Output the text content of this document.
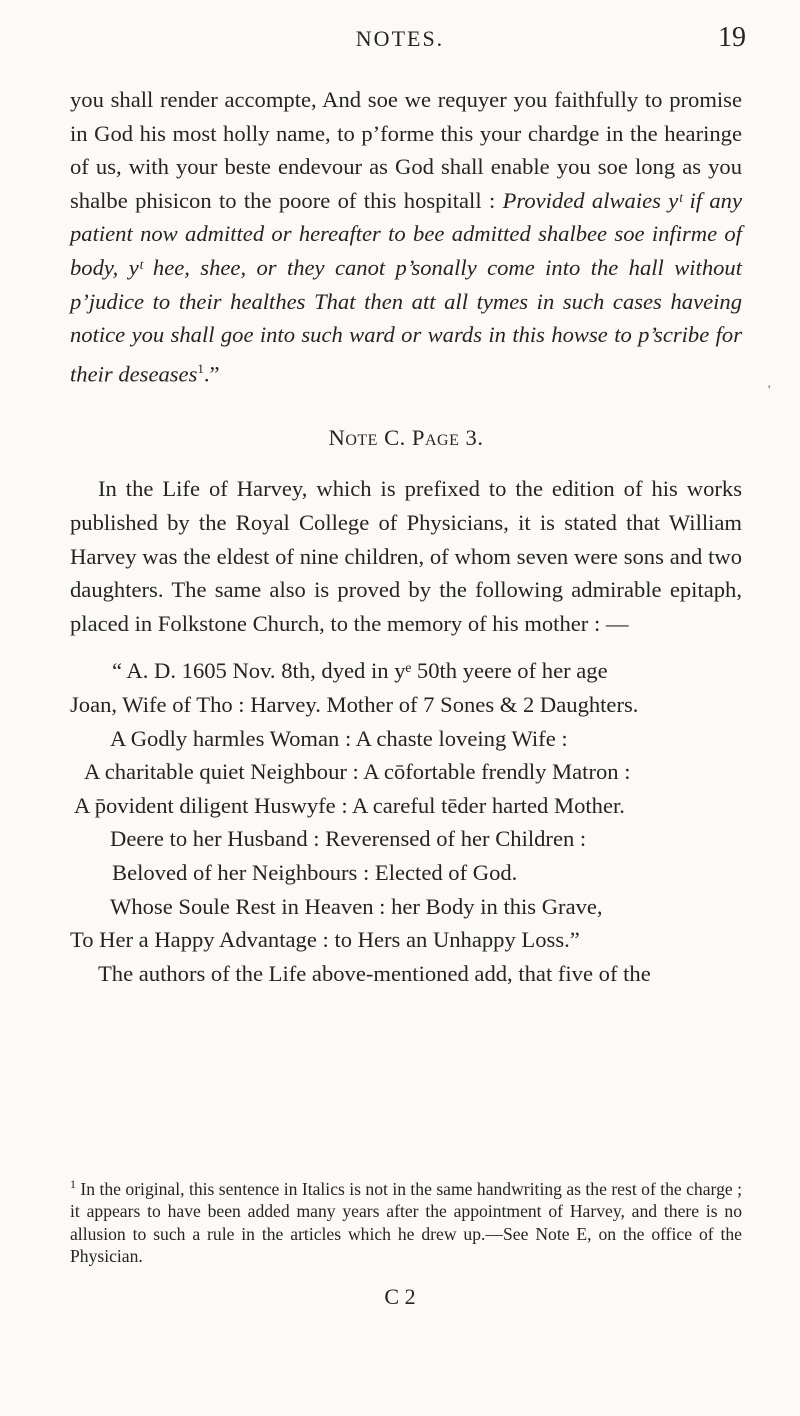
NOTES.	19
'

you shall render accompte, And soe we requyer you faithfully to promise in God his most holly name, to p’forme this your chardge in the hearinge of us, with your beste endevour as God shall enable you soe long as you shalbe phisicon to the poore of this hospitall : Provided alwaies yᵗ if any patient now admitted or hereafter to bee admitted shalbee soe infirme of body, yᵗ hee, shee, or they canot p’sonally come into the hall without p’judice to their healthes That then att all tymes in such cases haveing notice you shall goe into such ward or wards in this howse to p’scribe for their deseases$^1$.”

Note C. Page 3.

In the Life of Harvey, which is prefixed to the edition of his works published by the Royal College of Physicians, it is stated that William Harvey was the eldest of nine children, of whom seven were sons and two daughters. The same also is proved by the following admirable epitaph, placed in Folkstone Church, to the memory of his mother : —

“ A. D. 1605 Nov. 8th, dyed in yᵉ 50th yeere of her age
Joan, Wife of Tho : Harvey. Mother of 7 Sones & 2 Daughters.
A Godly harmles Woman : A chaste loveing Wife :
A charitable quiet Neighbour : A cōfortable frendly Matron :
A p̄ovident diligent Huswyfe : A careful tēder harted Mother.
Deere to her Husband : Reverensed of her Children :
Beloved of her Neighbours : Elected of God.
Whose Soule Rest in Heaven : her Body in this Grave,
To Her a Happy Advantage : to Hers an Unhappy Loss.”

The authors of the Life above-mentioned add, that five of the

$^1$ In the original, this sentence in Italics is not in the same handwriting as the rest of the charge ; it appears to have been added many years after the appointment of Harvey, and there is no allusion to such a rule in the articles which he drew up.—See Note E, on the office of the Physician.
C 2
